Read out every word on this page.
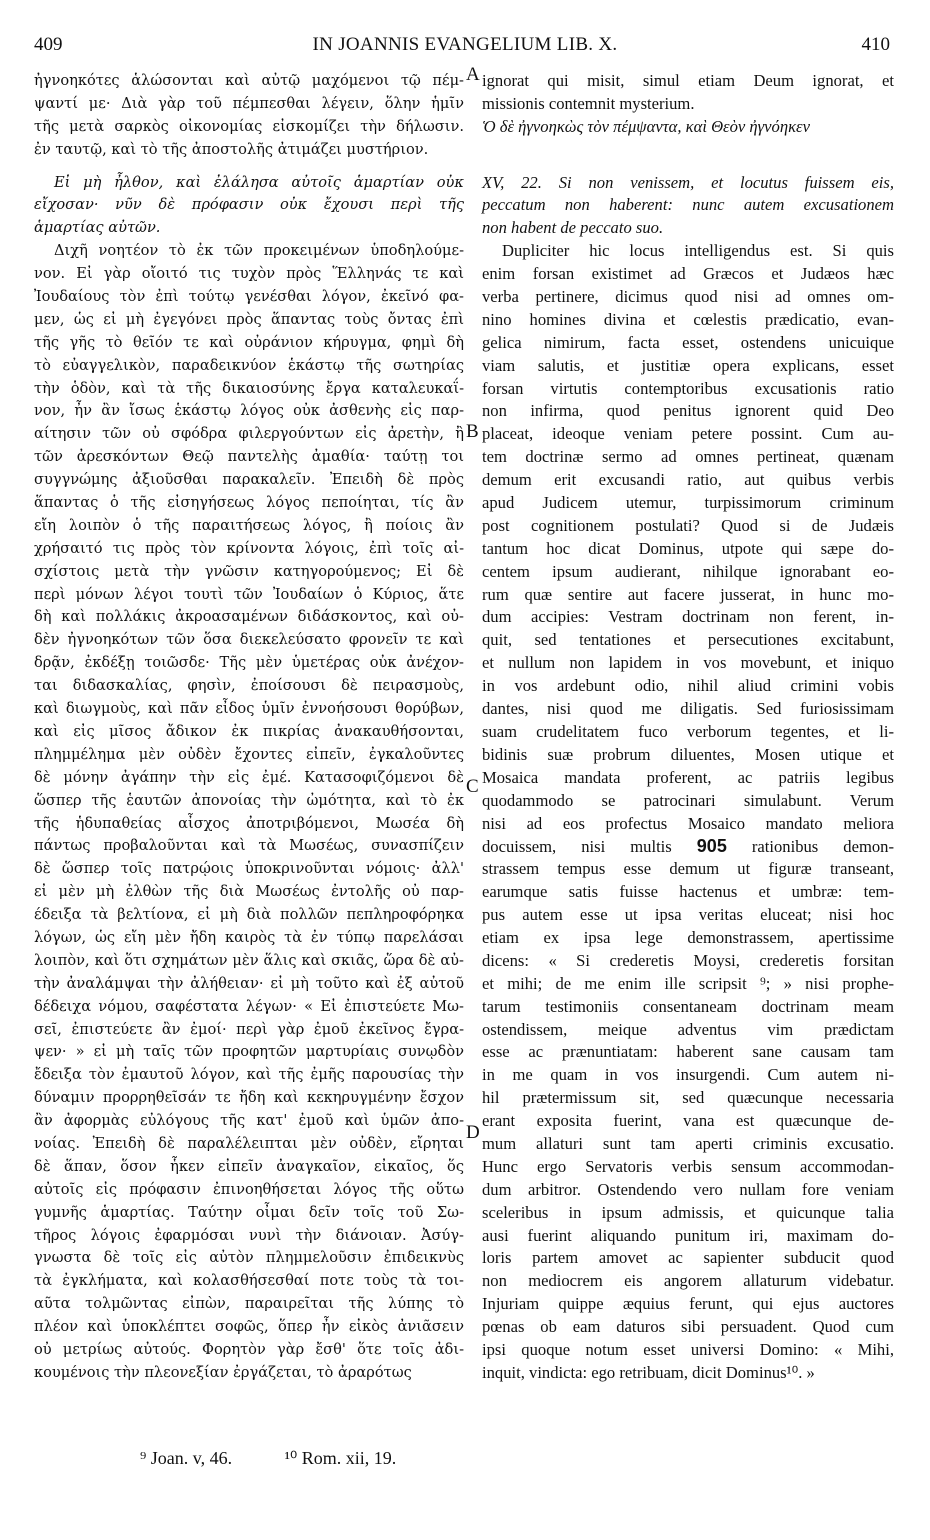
409	IN JOANNIS EVANGELIUM LIB. X.	410
A
B
C
D
ἠγνοηκότες ἁλώσονται καὶ αὐτῷ μαχόμενοι τῷ πέμ-
ψαντί με· Διὰ γὰρ τοῦ πέμπεσθαι λέγειν, ὅλην ἡμῖν
τῆς μετὰ σαρκὸς οἰκονομίας εἰσκομίζει τὴν δήλωσιν.
ἐν ταυτῷ, καὶ τὸ τῆς ἀποστολῆς ἀτιμάζει μυστήριον.
Εἰ μὴ ἦλθον, καὶ ἐλάλησα αὐτοῖς ἁμαρτίαν οὐκ
εἴχοσαν· νῦν δὲ πρόφασιν οὐκ ἔχουσι περὶ τῆς
ἁμαρτίας αὐτῶν.
Διχῆ νοητέον τὸ ἐκ τῶν προκειμένων ὑποδηλούμε-
νον. Εἰ γὰρ οἴοιτό τις τυχὸν πρὸς Ἕλληνάς τε καὶ
Ἰουδαίους τὸν ἐπὶ τούτῳ γενέσθαι λόγον, ἐκεῖνό φα-
μεν, ὡς εἰ μὴ ἐγεγόνει πρὸς ἅπαντας τοὺς ὄντας ἐπὶ
τῆς γῆς τὸ θεῖόν τε καὶ οὐράνιον κήρυγμα, φημὶ δὴ
τὸ εὐαγγελικὸν, παραδεικνύον ἑκάστῳ τῆς σωτηρίας
τὴν ὁδὸν, καὶ τὰ τῆς δικαιοσύνης ἔργα καταλευκαΐ-
νον, ἦν ἂν ἴσως ἑκάστῳ λόγος οὐκ ἀσθενὴς εἰς παρ-
αίτησιν τῶν οὐ σφόδρα φιλεργούντων εἰς ἀρετὴν, ἢ
τῶν ἀρεσκόντων Θεῷ παντελὴς ἀμαθία· ταύτῃ τοι
συγγνώμης ἀξιοῦσθαι παρακαλεῖν. Ἐπειδὴ δὲ πρὸς
ἅπαντας ὁ τῆς εἰσηγήσεως λόγος πεποίηται, τίς ἂν
εἴη λοιπὸν ὁ τῆς παραιτήσεως λόγος, ἢ ποίοις ἂν
χρήσαιτό τις πρὸς τὸν κρίνοντα λόγοις, ἐπὶ τοῖς αἰ-
σχίστοις μετὰ τὴν γνῶσιν κατηγορούμενος; Εἰ δὲ
περὶ μόνων λέγοι τουτὶ τῶν Ἰουδαίων ὁ Κύριος, ἅτε
δὴ καὶ πολλάκις ἀκροασαμένων διδάσκοντος, καὶ οὐ-
δὲν ἠγνοηκότων τῶν ὅσα διεκελεύσατο φρονεῖν τε καὶ
δρᾷν, ἐκδέξῃ τοιῶσδε· Τῆς μὲν ὑμετέρας οὐκ ἀνέχον-
ται διδασκαλίας, φησὶν, ἐποίσουσι δὲ πειρασμοὺς,
καὶ διωγμοὺς, καὶ πᾶν εἶδος ὑμῖν ἐννοήσουσι θορύβων,
καὶ εἰς μῖσος ἄδικον ἐκ πικρίας ἀνακαυθήσονται,
πλημμέλημα μὲν οὐδὲν ἔχοντες εἰπεῖν, ἐγκαλοῦντες
δὲ μόνην ἀγάπην τὴν εἰς ἐμέ. Κατασοφιζόμενοι δὲ
ὥσπερ τῆς ἑαυτῶν ἀπονοίας τὴν ὠμότητα, καὶ τὸ ἐκ
τῆς ἡδυπαθείας αἶσχος ἀποτριβόμενοι, Μωσέα δὴ
πάντως προβαλοῦνται καὶ τὰ Μωσέως, συνασπίζειν
δὲ ὥσπερ τοῖς πατρῴοις ὑποκρινοῦνται νόμοις· ἀλλ'
εἰ μὲν μὴ ἐλθὼν τῆς διὰ Μωσέως ἐντολῆς οὐ παρ-
έδειξα τὰ βελτίονα, εἰ μὴ διὰ πολλῶν πεπληροφόρηκα
λόγων, ὡς εἴη μὲν ἤδη καιρὸς τὰ ἐν τύπῳ παρελάσαι
λοιπὸν, καὶ ὅτι σχημάτων μὲν ἅλις καὶ σκιᾶς, ὥρα δὲ αὐ-
τὴν ἀναλάμψαι τὴν ἀλήθειαν· εἰ μὴ τοῦτο καὶ ἐξ αὐτοῦ
δέδειχα νόμου, σαφέστατα λέγων· « Εἰ ἐπιστεύετε Μω-
σεῖ, ἐπιστεύετε ἂν ἐμοί· περὶ γὰρ ἐμοῦ ἐκεῖνος ἔγρα-
ψεν· » εἰ μὴ ταῖς τῶν προφητῶν μαρτυρίαις συνῳδὸν
ἔδειξα τὸν ἐμαυτοῦ λόγον, καὶ τῆς ἐμῆς παρουσίας τὴν
δύναμιν προρρηθεῖσάν τε ἤδη καὶ κεκηρυγμένην ἔσχον
ἂν ἀφορμὰς εὐλόγους τῆς κατ' ἐμοῦ καὶ ὑμῶν ἀπο-
νοίας. Ἐπειδὴ δὲ παραλέλειπται μὲν οὐδὲν, εἴρηται
δὲ ἅπαν, ὅσον ἧκεν εἰπεῖν ἀναγκαῖον, εἰκαῖος, ὅς
αὐτοῖς εἰς πρόφασιν ἐπινοηθήσεται λόγος τῆς οὕτω
γυμνῆς ἁμαρτίας. Ταύτην οἶμαι δεῖν τοῖς τοῦ Σω-
τῆρος λόγοις ἐφαρμόσαι νυνὶ τὴν διάνοιαν. Ἀσύγ-
γνωστα δὲ τοῖς εἰς αὐτὸν πλημμελοῦσιν ἐπιδεικνὺς
τὰ ἐγκλήματα, καὶ κολασθήσεσθαί ποτε τοὺς τὰ τοι-
αῦτα τολμῶντας εἰπὼν, παραιρεῖται τῆς λύπης τὸ
πλέον καὶ ὑποκλέπτει σοφῶς, ὅπερ ἦν εἰκὸς ἀνιᾶσειν
οὐ μετρίως αὐτούς. Φορητὸν γὰρ ἔσθ' ὅτε τοῖς ἀδι-
κουμένοις τὴν πλεονεξίαν ἐργάζεται, τὸ ἀραρότως
ignorat qui misit, simul etiam Deum ignorat, et
missionis contemnit mysterium.
Ὁ δὲ ἠγνοηκὼς τὸν πέμψαντα, καὶ Θεὸν ἠγνόηκεν
XV, 22. Si non venissem, et locutus fuissem eis,
peccatum non haberent: nunc autem excusationem
non habent de peccato suo.
Dupliciter hic locus intelligendus est. Si quis
enim forsan existimet ad Græcos et Judæos hæc
verba pertinere, dicimus quod nisi ad omnes om-
nino homines divina et cœlestis prædicatio, evan-
gelica nimirum, facta esset, ostendens unicuique
viam salutis, et justitiæ opera explicans, esset
forsan virtutis contemptoribus excusationis ratio
non infirma, quod penitus ignorent quid Deo
placeat, ideoque veniam petere possint. Cum au-
tem doctrinæ sermo ad omnes pertineat, quænam
demum erit excusandi ratio, aut quibus verbis
apud Judicem utemur, turpissimorum criminum
post cognitionem postulati? Quod si de Judæis
tantum hoc dicat Dominus, utpote qui sæpe do-
centem ipsum audierant, nihilque ignorabant eo-
rum quæ sentire aut facere jusserat, in hunc mo-
dum accipies: Vestram doctrinam non ferent, in-
quit, sed tentationes et persecutiones excitabunt,
et nullum non lapidem in vos movebunt, et iniquo
in vos ardebunt odio, nihil aliud crimini vobis
dantes, nisi quod me diligatis. Sed furiosissimam
suam crudelitatem fuco verborum tegentes, et li-
bidinis suæ probrum diluentes, Mosen utique et
Mosaica mandata proferent, ac patriis legibus
quodammodo se patrocinari simulabunt. Verum
nisi ad eos profectus Mosaico mandato meliora
docuissem, nisi multis 905 rationibus demon-
strassem tempus esse demum ut figuræ transeant,
earumque satis fuisse hactenus et umbræ: tem-
pus autem esse ut ipsa veritas eluceat; nisi hoc
etiam ex ipsa lege demonstrassem, apertissime
dicens: « Si crederetis Moysi, crederetis forsitan
et mihi; de me enim ille scripsit ⁹; » nisi prophe-
tarum testimoniis consentaneam doctrinam meam
ostendissem, meique adventus vim prædictam
esse ac prænuntiatam: haberent sane causam tam
in me quam in vos insurgendi. Cum autem ni-
hil prætermissum sit, sed quæcunque necessaria
erant exposita fuerint, vana est quæcunque de-
mum allaturi sunt tam aperti criminis excusatio.
Hunc ergo Servatoris verbis sensum accommodan-
dum arbitror. Ostendendo vero nullam fore veniam
sceleribus in ipsum admissis, et quicunque talia
ausi fuerint aliquando punitum iri, maximam do-
loris partem amovet ac sapienter subducit quod
non mediocrem eis angorem allaturum videbatur.
Injuriam quippe æquius ferunt, qui ejus auctores
pœnas ob eam daturos sibi persuadent. Quod cum
ipsi quoque notum esset universi Domino: « Mihi,
inquit, vindicta: ego retribuam, dicit Dominus¹⁰. »
⁹ Joan. v, 46.	¹⁰ Rom. xii, 19.
